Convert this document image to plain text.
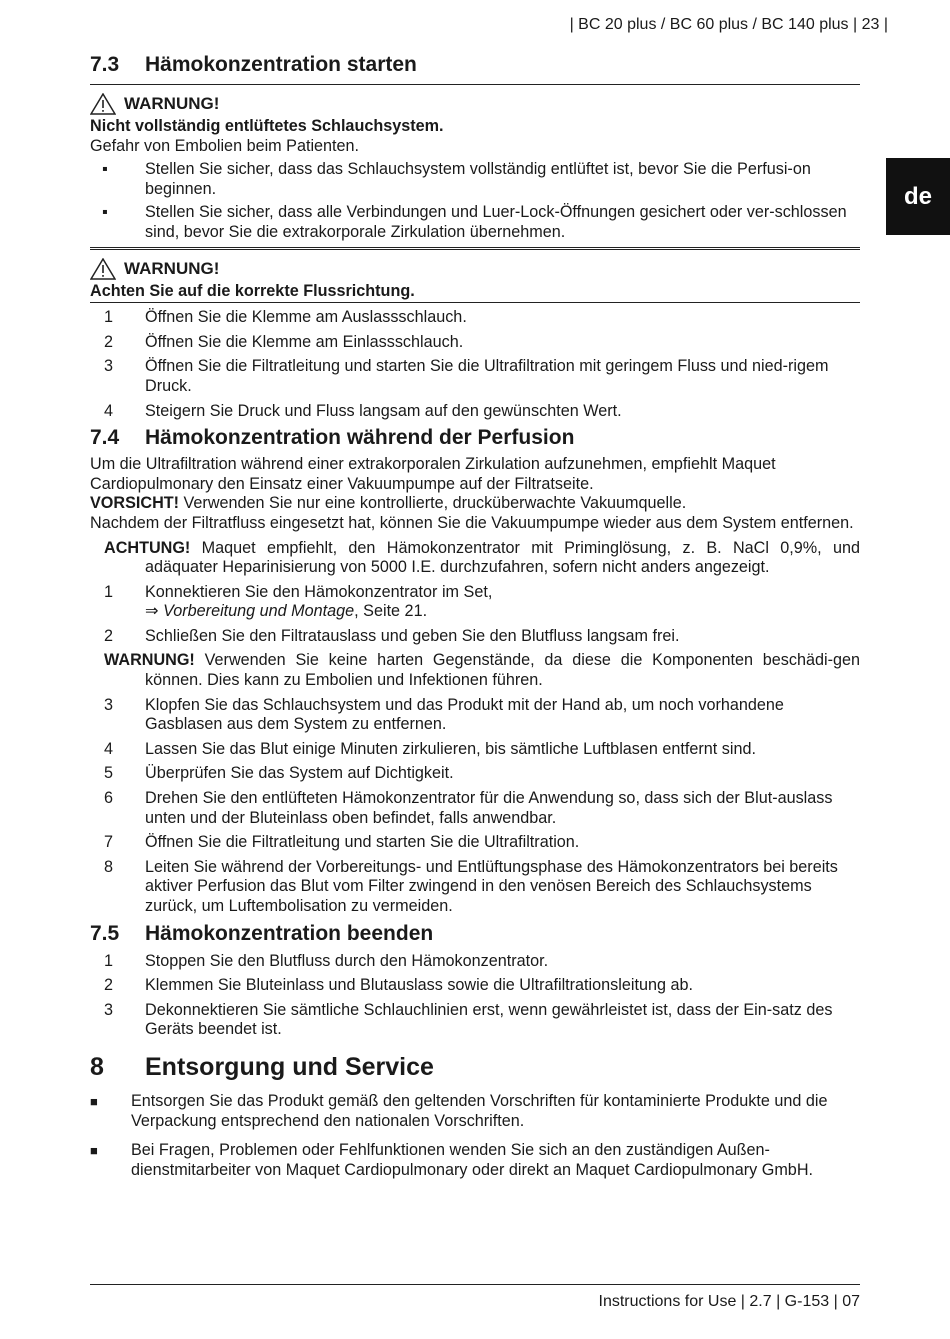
| BC 20 plus / BC 60 plus / BC 140 plus | 23 |
de
7.3	Hämokonzentration starten
WARNUNG!
Nicht vollständig entlüftetes Schlauchsystem.
Gefahr von Embolien beim Patienten.
▪	Stellen Sie sicher, dass das Schlauchsystem vollständig entlüftet ist, bevor Sie die Perfusi-on beginnen.
▪	Stellen Sie sicher, dass alle Verbindungen und Luer-Lock-Öffnungen gesichert oder ver-schlossen sind, bevor Sie die extrakorporale Zirkulation übernehmen.
WARNUNG!
Achten Sie auf die korrekte Flussrichtung.
1	Öffnen Sie die Klemme am Auslassschlauch.
2	Öffnen Sie die Klemme am Einlassschlauch.
3	Öffnen Sie die Filtratleitung und starten Sie die Ultrafiltration mit geringem Fluss und nied-rigem Druck.
4	Steigern Sie Druck und Fluss langsam auf den gewünschten Wert.
7.4	Hämokonzentration während der Perfusion
Um die Ultrafiltration während einer extrakorporalen Zirkulation aufzunehmen, empfiehlt Maquet Cardiopulmonary den Einsatz einer Vakuumpumpe auf der Filtratseite.
VORSICHT! Verwenden Sie nur eine kontrollierte, drucküberwachte Vakuumquelle.
Nachdem der Filtratfluss eingesetzt hat, können Sie die Vakuumpumpe wieder aus dem System entfernen.
ACHTUNG! Maquet empfiehlt, den Hämokonzentrator mit Priminglösung, z. B. NaCl 0,9%, und adäquater Heparinisierung von 5000 I.E. durchzufahren, sofern nicht anders angezeigt.
1	Konnektieren Sie den Hämokonzentrator im Set,
⇒ Vorbereitung und Montage, Seite 21.
2	Schließen Sie den Filtratauslass und geben Sie den Blutfluss langsam frei.
WARNUNG! Verwenden Sie keine harten Gegenstände, da diese die Komponenten beschädi-gen können. Dies kann zu Embolien und Infektionen führen.
3	Klopfen Sie das Schlauchsystem und das Produkt mit der Hand ab, um noch vorhandene Gasblasen aus dem System zu entfernen.
4	Lassen Sie das Blut einige Minuten zirkulieren, bis sämtliche Luftblasen entfernt sind.
5	Überprüfen Sie das System auf Dichtigkeit.
6	Drehen Sie den entlüfteten Hämokonzentrator für die Anwendung so, dass sich der Blut-auslass unten und der Bluteinlass oben befindet, falls anwendbar.
7	Öffnen Sie die Filtratleitung und starten Sie die Ultrafiltration.
8	Leiten Sie während der Vorbereitungs- und Entlüftungsphase des Hämokonzentrators bei bereits aktiver Perfusion das Blut vom Filter zwingend in den venösen Bereich des Schlauchsystems zurück, um Luftembolisation zu vermeiden.
7.5	Hämokonzentration beenden
1	Stoppen Sie den Blutfluss durch den Hämokonzentrator.
2	Klemmen Sie Bluteinlass und Blutauslass sowie die Ultrafiltrationsleitung ab.
3	Dekonnektieren Sie sämtliche Schlauchlinien erst, wenn gewährleistet ist, dass der Ein-satz des Geräts beendet ist.
8	Entsorgung und Service
■	Entsorgen Sie das Produkt gemäß den geltenden Vorschriften für kontaminierte Produkte und die Verpackung entsprechend den nationalen Vorschriften.
■	Bei Fragen, Problemen oder Fehlfunktionen wenden Sie sich an den zuständigen Außen-dienstmitarbeiter von Maquet Cardiopulmonary oder direkt an Maquet Cardiopulmonary GmbH.
Instructions for Use | 2.7 | G-153 | 07
